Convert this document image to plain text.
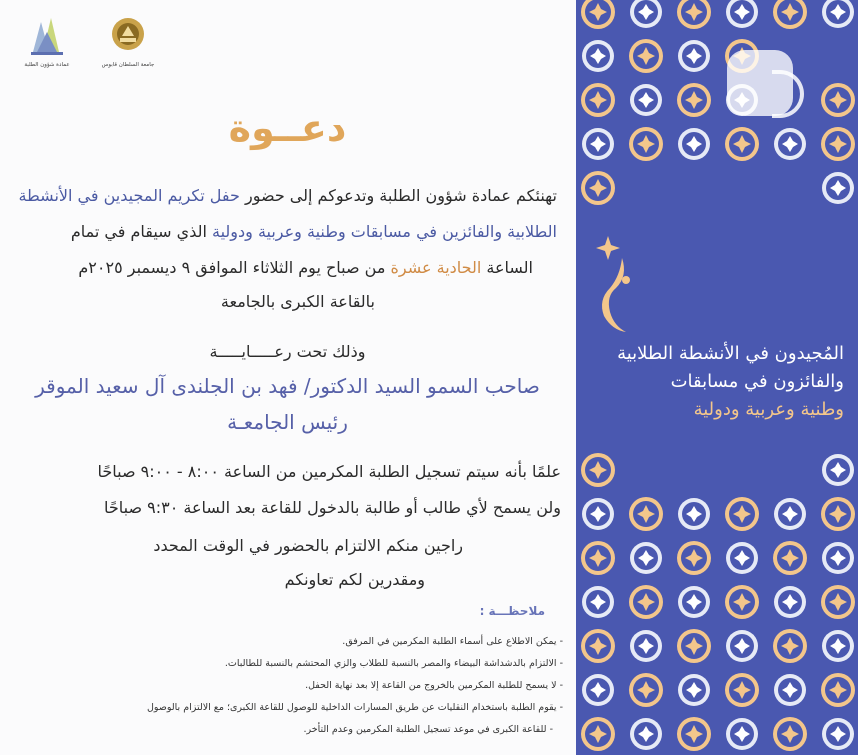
عمادة شؤون الطلبة	جامعة السلطان قابوس
دعــوة
تهنئكم عمادة شؤون الطلبة وتدعوكم إلى حضور حفل تكريم المجيدين في الأنشطة
الطلابية والفائزين في مسابقات وطنية وعربية ودولية الذي سيقام في تمام
الساعة الحادية عشرة من صباح يوم الثلاثاء الموافق ٩ ديسمبر ٢٠٢٥م
بالقاعة الكبرى بالجامعة
وذلك تحت رعـــــايـــــة
صاحب السمو السيد الدكتور/ فهد بن الجلندى آل سعيد الموقر
رئيس الجامعـة
علمًا بأنه سيتم تسجيل الطلبة المكرمين من الساعة ٨:٠٠ - ٩:٠٠ صباحًا
ولن يسمح لأي طالب أو طالبة بالدخول للقاعة بعد الساعة ٩:٣٠ صباحًا
راجين منكم الالتزام بالحضور في الوقت المحدد
ومقدرين لكم تعاونكم
ملاحظـــة :
- يمكن الاطلاع على أسماء الطلبة المكرمين في المرفق.
- الالتزام بالدشداشة البيضاء والمصر بالنسبة للطلاب والزي المحتشم بالنسبة للطالبات.
- لا يسمح للطلبة المكرمين بالخروج من القاعة إلا بعد نهاية الحفل.
- يقوم الطلبة باستخدام النقليات عن طريق المسارات الداخلية للوصول للقاعة الكبرى؛ مع الالتزام بالوصول
- للقاعة الكبرى في موعد تسجيل الطلبة المكرمين وعدم التأخر.
المُجيدون في الأنشطة الطلابية
والفائزون في مسابقات
وطنية وعربية ودولية
